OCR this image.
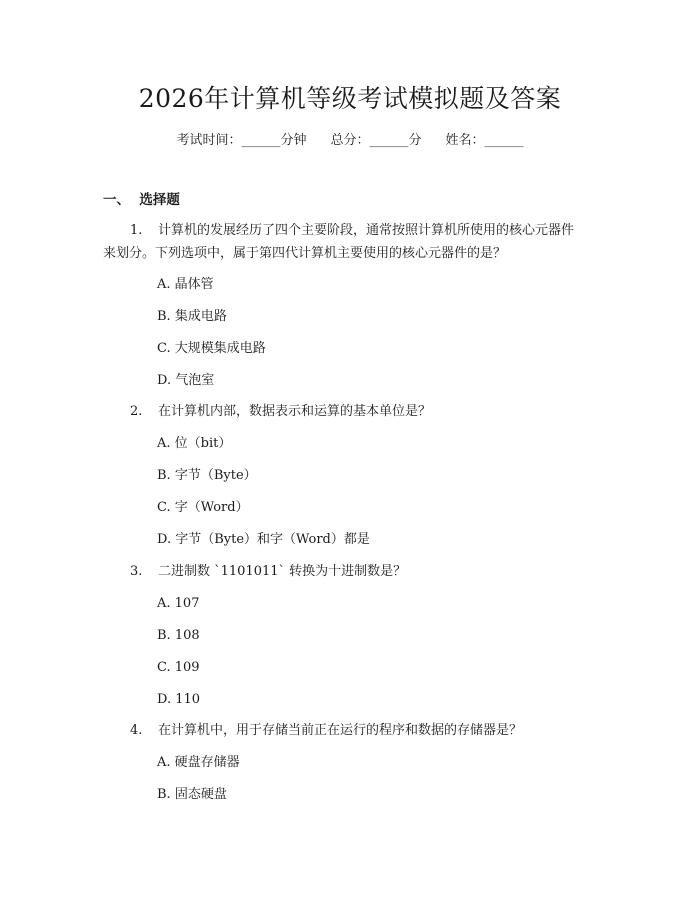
2026年计算机等级考试模拟题及答案
考试时间：______分钟 总分：______分 姓名：______
一、  选择题
1. 计算机的发展经历了四个主要阶段，通常按照计算机所使用的核心元器件
来划分。下列选项中，属于第四代计算机主要使用的核心元器件的是？
A. 晶体管
B. 集成电路
C. 大规模集成电路
D. 气泡室
2. 在计算机内部，数据表示和运算的基本单位是？
A. 位（bit）
B. 字节（Byte）
C. 字（Word）
D. 字节（Byte）和字（Word）都是
3. 二进制数 `1101011` 转换为十进制数是？
A. 107
B. 108
C. 109
D. 110
4. 在计算机中，用于存储当前正在运行的程序和数据的存储器是？
A. 硬盘存储器
B. 固态硬盘
